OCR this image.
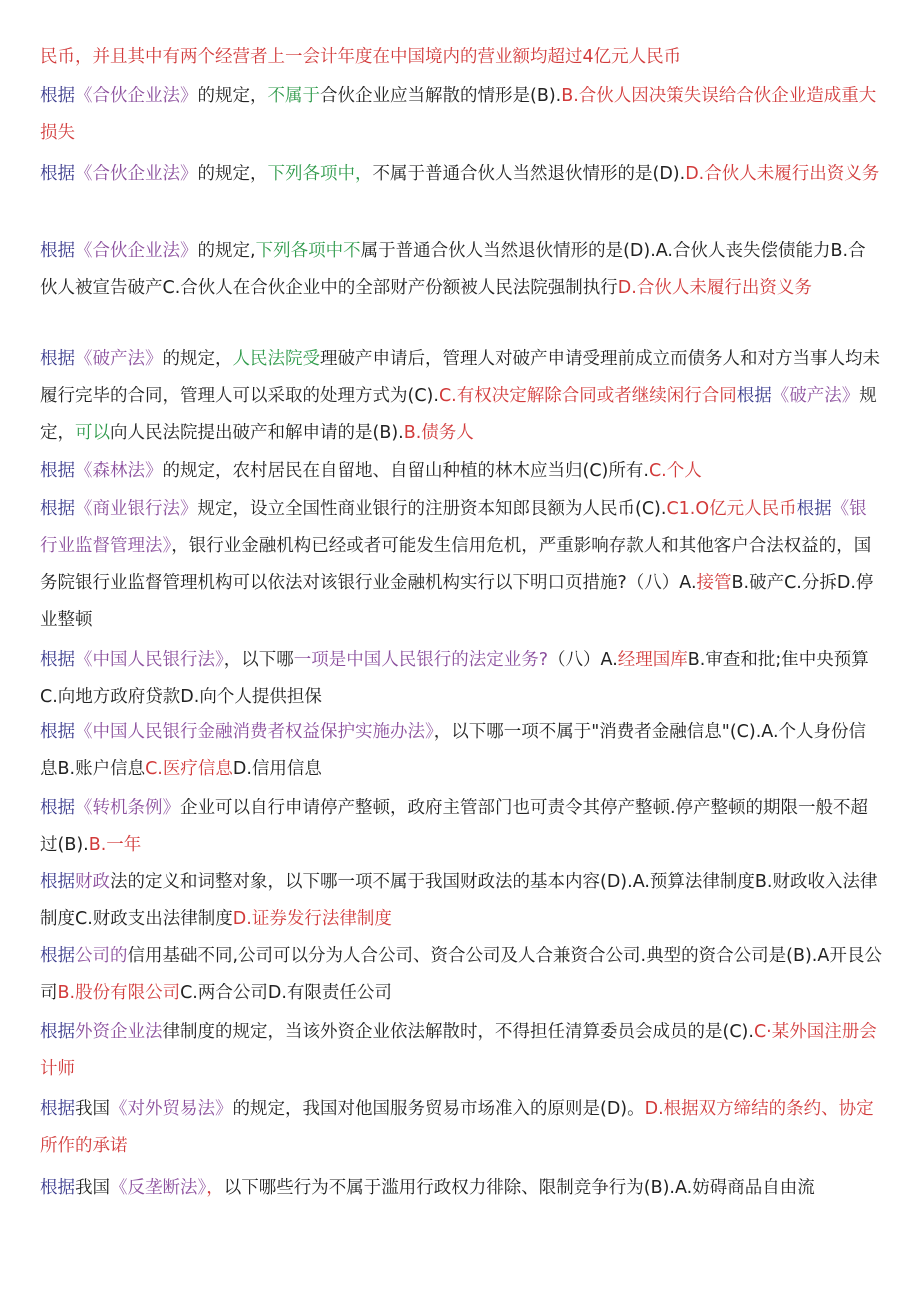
民币，并且其中有两个经营者上一会计年度在中国境内的营业额均超过4亿元人民币
根据《合伙企业法》的规定，不属于合伙企业应当解散的情形是(B).B.合伙人因决策失误给合伙企业造成重大损失
根据《合伙企业法》的规定，下列各项中，不属于普通合伙人当然退伙情形的是(D).D.合伙人未履行出资义务
根据《合伙企业法》的规定,下列各项中不属于普通合伙人当然退伙情形的是(D).A.合伙人丧失偿债能力B.合伙人被宣告破产C.合伙人在合伙企业中的全部财产份额被人民法院强制执行D.合伙人未履行出资义务
根据《破产法》的规定，人民法院受理破产申请后，管理人对破产申请受理前成立而债务人和对方当事人均未履行完毕的合同，管理人可以采取的处理方式为(C).C.有权决定解除合同或者继续闲行合同根据《破产法》规定，可以向人民法院提出破产和解申请的是(B).B.债务人
根据《森林法》的规定，农村居民在自留地、自留山种植的林木应当归(C)所有.C.个人
根据《商业银行法》规定，设立全国性商业银行的注册资本知郎艮额为人民币(C).C1.O亿元人民币根据《银行业监督管理法》，银行业金融机构已经或者可能发生信用危机，严重影响存款人和其他客户合法权益的，国务院银行业监督管理机构可以依法对该银行业金融机构实行以下明口页措施?（八）A.接管B.破产C.分拆D.停业整顿
根据《中国人民银行法》，以下哪一项是中国人民银行的法定业务?（八）A.经理国库B.审查和批;隹中央预算C.向地方政府贷款D.向个人提供担保
根据《中国人民银行金融消费者权益保护实施办法》，以下哪一项不属于"消费者金融信息"(C).A.个人身份信息B.账户信息C.医疗信息D.信用信息
根据《转机条例》企业可以自行申请停产整顿，政府主管部门也可责令其停产整顿.停产整顿的期限一般不超过(B).B.一年
根据财政法的定义和词整对象，以下哪一项不属于我国财政法的基本内容(D).A.预算法律制度B.财政收入法律制度C.财政支出法律制度D.证券发行法律制度
根据公司的信用基础不同,公司可以分为人合公司、资合公司及人合兼资合公司.典型的资合公司是(B).A开艮公司B.股份有限公司C.两合公司D.有限责任公司
根据外资企业法律制度的规定，当该外资企业依法解散时，不得担任清算委员会成员的是(C).C·某外国注册会计师
根据我国《对外贸易法》的规定，我国对他国服务贸易市场准入的原则是(D)。D.根据双方缔结的条约、协定所作的承诺
根据我国《反垄断法》，以下哪些行为不属于滥用行政权力徘除、限制竞争行为(B).A.妨碍商品自由流
